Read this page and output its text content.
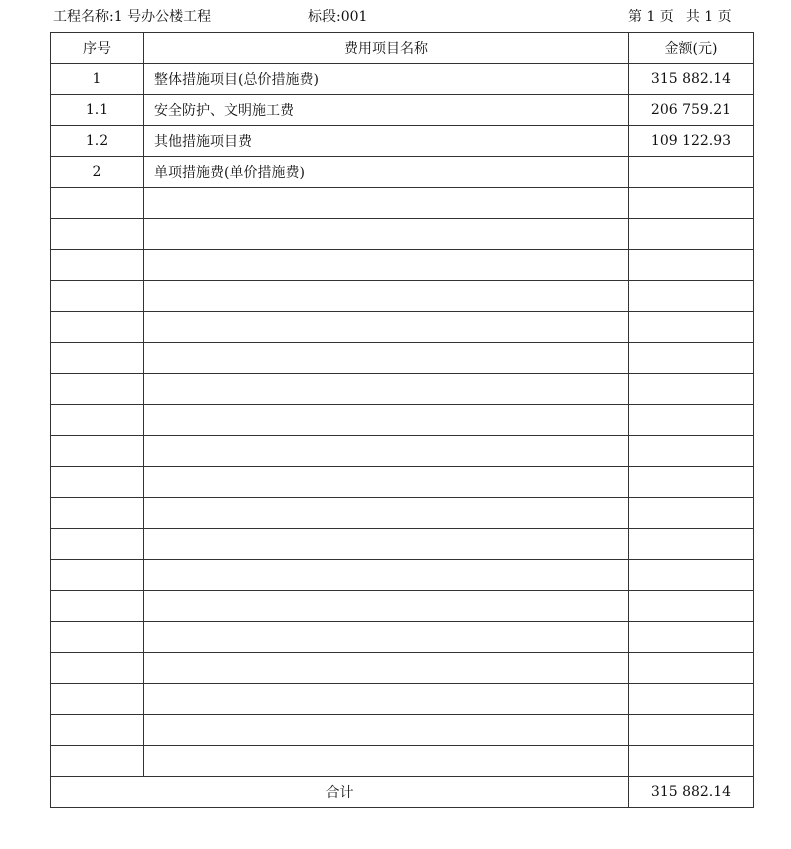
工程名称:1 号办公楼工程	标段:001	第 1 页 共 1 页
序号	费用项目名称	金额(元)
1	整体措施项目(总价措施费)	315 882.14
1.1	安全防护、文明施工费	206 759.21
1.2	其他措施项目费	109 122.93
2	单项措施费(单价措施费)	

合计		315 882.14
